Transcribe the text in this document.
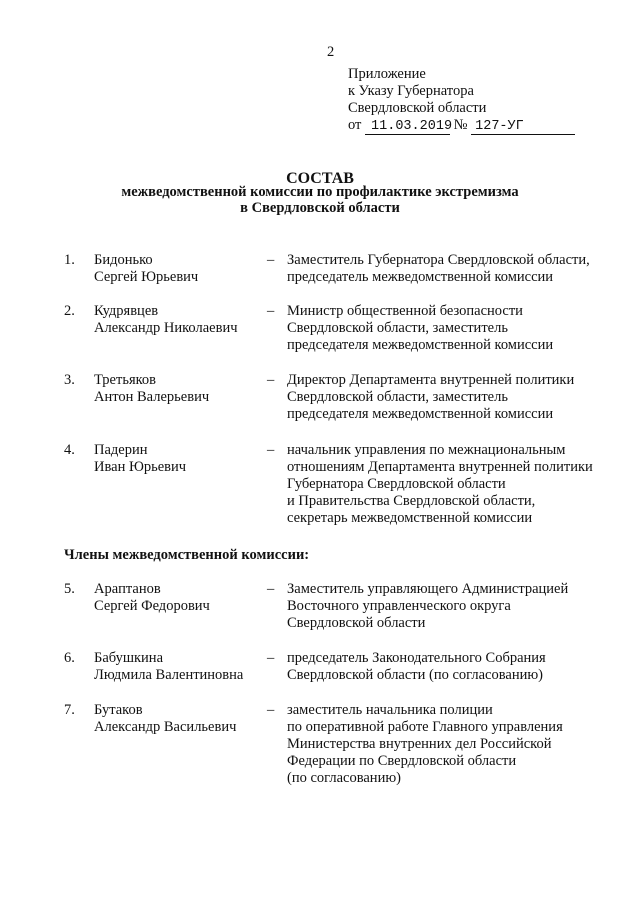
2
Приложение
к Указу Губернатора
Свердловской области
от 11.03.2019 № 127-УГ
СОСТАВ
межведомственной комиссии по профилактике экстремизма
в Свердловской области
1. Бидонько
Сергей Юрьевич
– Заместитель Губернатора Свердловской области,
председатель межведомственной комиссии
2. Кудрявцев
Александр Николаевич
– Министр общественной безопасности
Свердловской области, заместитель
председателя межведомственной комиссии
3. Третьяков
Антон Валерьевич
– Директор Департамента внутренней политики
Свердловской области, заместитель
председателя межведомственной комиссии
4. Падерин
Иван Юрьевич
– начальник управления по межнациональным
отношениям Департамента внутренней политики
Губернатора Свердловской области
и Правительства Свердловской области,
секретарь межведомственной комиссии
Члены межведомственной комиссии:
5. Арaптанов
Сергей Федорович
– Заместитель управляющего Администрацией
Восточного управленческого округа
Свердловской области
6. Бабушкина
Людмила Валентиновна
– председатель Законодательного Собрания
Свердловской области (по согласованию)
7. Бутаков
Александр Васильевич
– заместитель начальника полиции
по оперативной работе Главного управления
Министерства внутренних дел Российской
Федерации по Свердловской области
(по согласованию)
